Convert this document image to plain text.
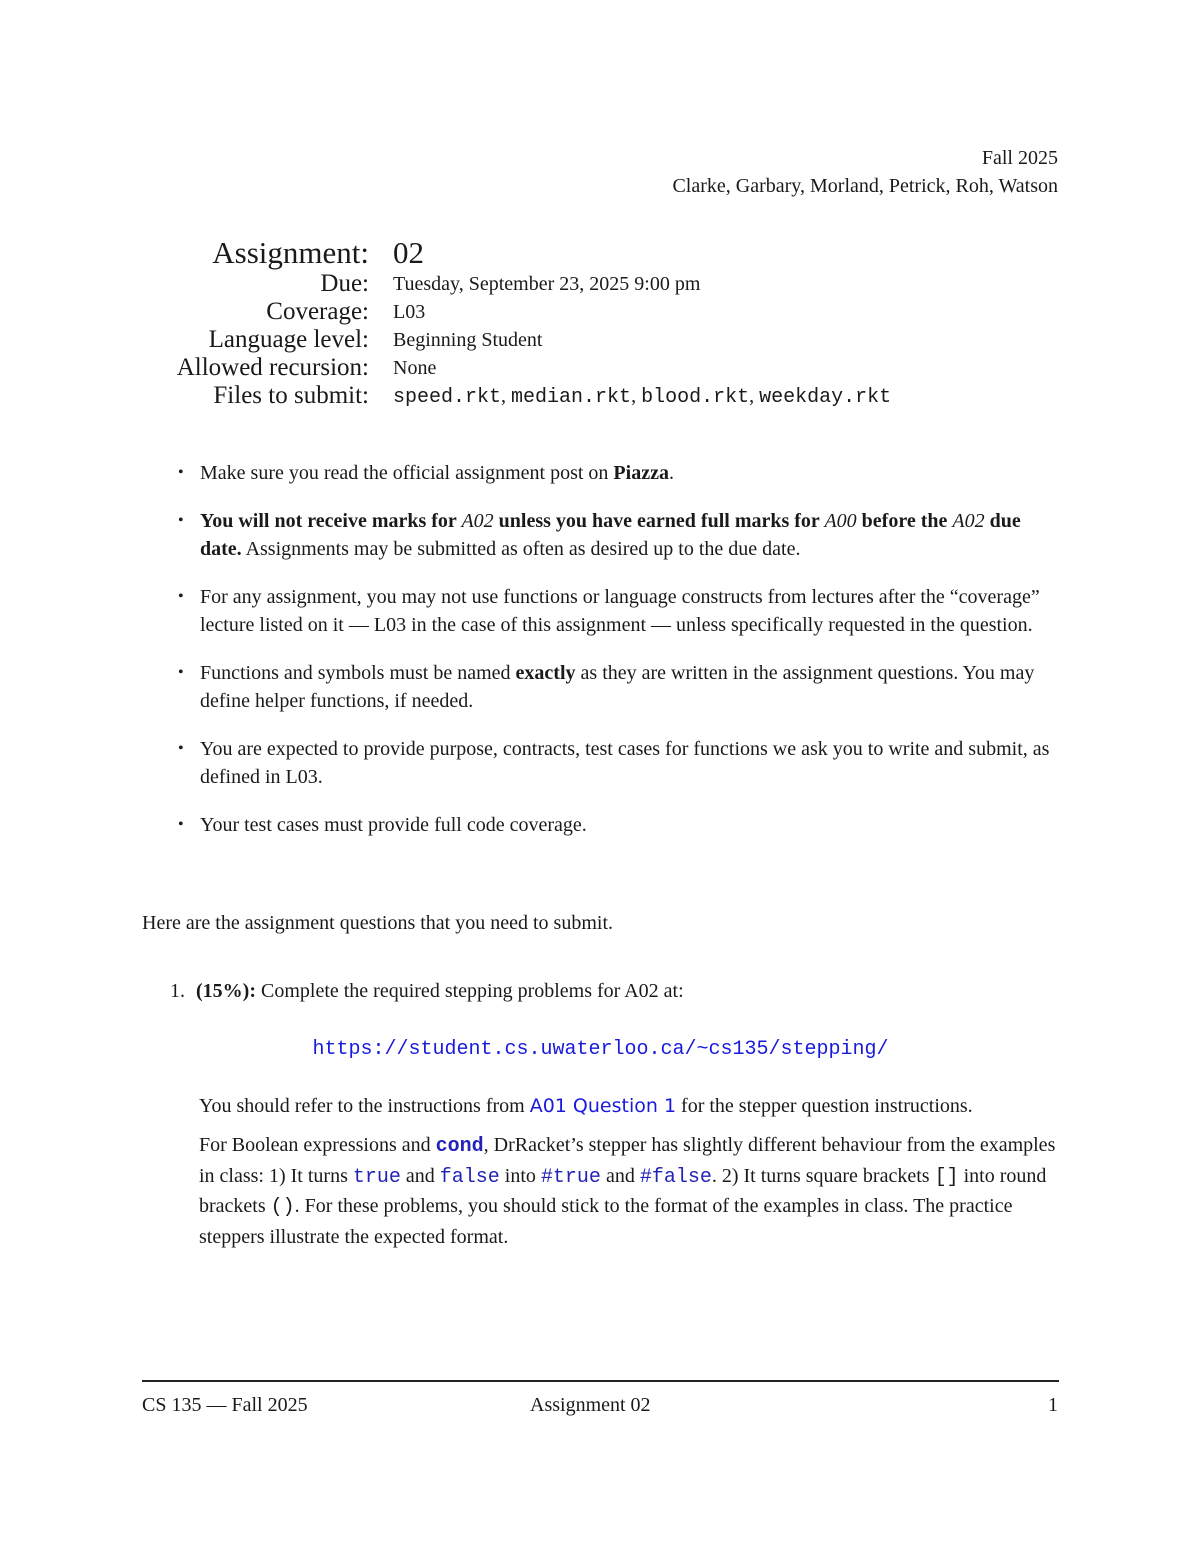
Fall 2025
Clarke, Garbary, Morland, Petrick, Roh, Watson
Assignment: 02
Due: Tuesday, September 23, 2025 9:00 pm
Coverage: L03
Language level: Beginning Student
Allowed recursion: None
Files to submit: speed.rkt, median.rkt, blood.rkt, weekday.rkt
• Make sure you read the official assignment post on Piazza.
• You will not receive marks for A02 unless you have earned full marks for A00 before the A02 due date. Assignments may be submitted as often as desired up to the due date.
• For any assignment, you may not use functions or language constructs from lectures after the “coverage” lecture listed on it — L03 in the case of this assignment — unless specifically requested in the question.
• Functions and symbols must be named exactly as they are written in the assignment questions. You may define helper functions, if needed.
• You are expected to provide purpose, contracts, test cases for functions we ask you to write and submit, as defined in L03.
• Your test cases must provide full code coverage.
Here are the assignment questions that you need to submit.
1. (15%): Complete the required stepping problems for A02 at:
https://student.cs.uwaterloo.ca/~cs135/stepping/
You should refer to the instructions from A01 Question 1 for the stepper question instructions.
For Boolean expressions and cond, DrRacket’s stepper has slightly different behaviour from the examples in class: 1) It turns true and false into #true and #false. 2) It turns square brackets [] into round brackets (). For these problems, you should stick to the format of the examples in class. The practice steppers illustrate the expected format.
CS 135 — Fall 2025	Assignment 02	1
